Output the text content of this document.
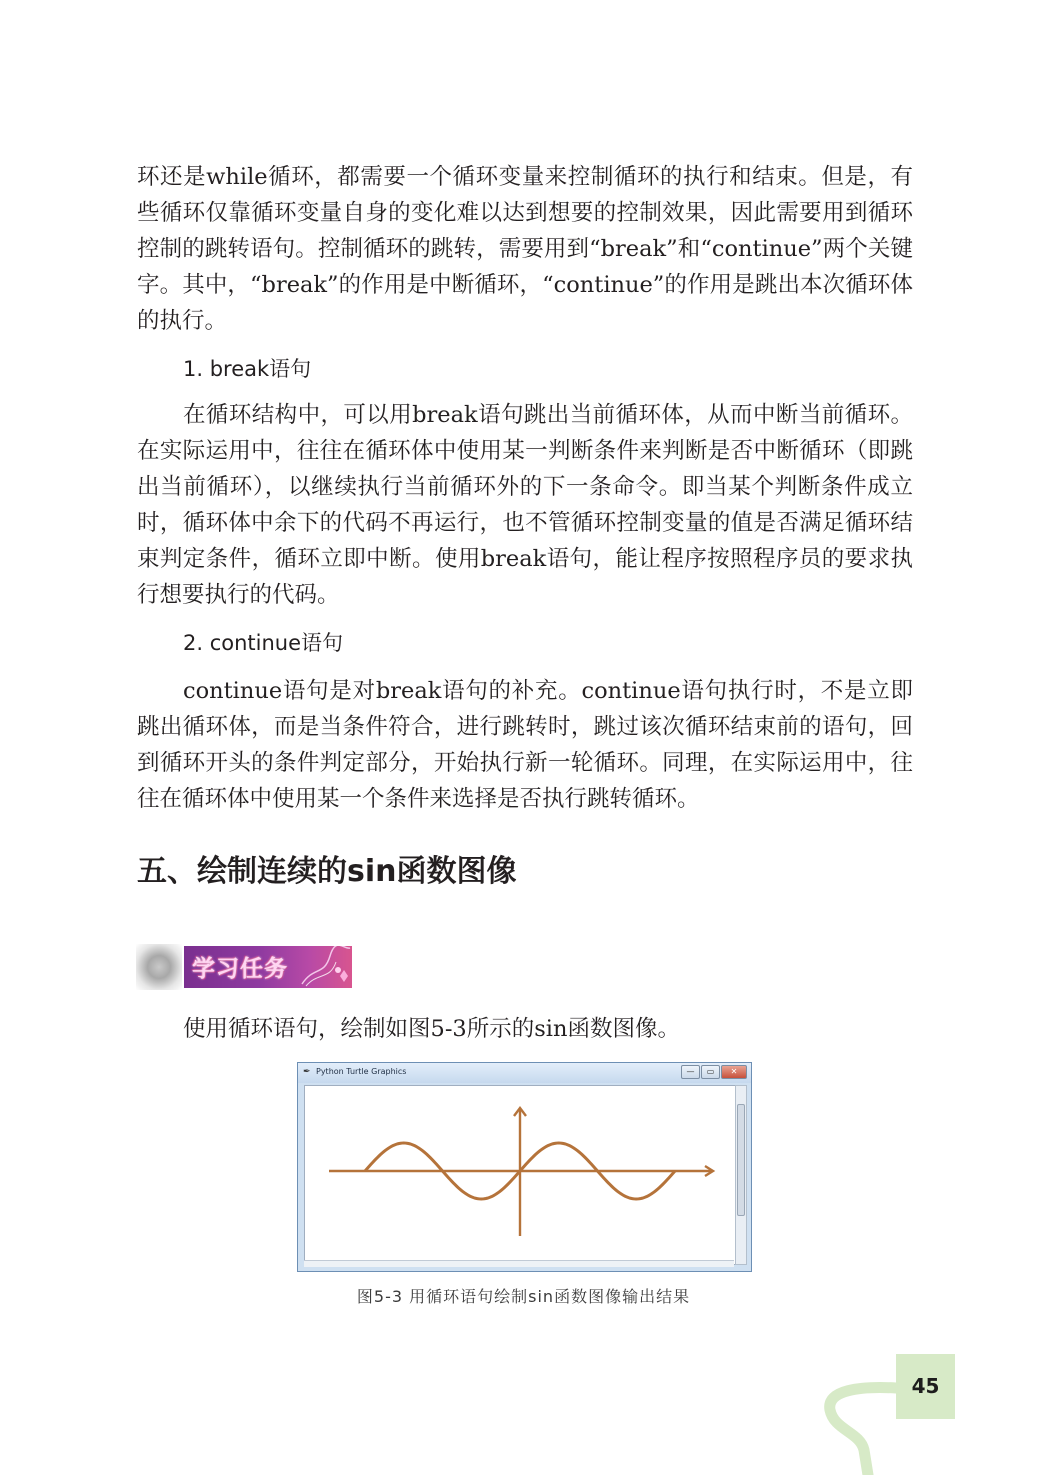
环还是while循环，都需要一个循环变量来控制循环的执行和结束。但是，有些循环仅靠循环变量自身的变化难以达到想要的控制效果，因此需要用到循环控制的跳转语句。控制循环的跳转，需要用到“break”和“continue”两个关键字。其中，“break”的作用是中断循环，“continue”的作用是跳出本次循环体的执行。

1. break语句

在循环结构中，可以用break语句跳出当前循环体，从而中断当前循环。在实际运用中，往往在循环体中使用某一判断条件来判断是否中断循环（即跳出当前循环），以继续执行当前循环外的下一条命令。即当某个判断条件成立时，循环体中余下的代码不再运行，也不管循环控制变量的值是否满足循环结束判定条件，循环立即中断。使用break语句，能让程序按照程序员的要求执行想要执行的代码。

2. continue语句

continue语句是对break语句的补充。continue语句执行时，不是立即跳出循环体，而是当条件符合，进行跳转时，跳过该次循环结束前的语句，回到循环开头的条件判定部分，开始执行新一轮循环。同理，在实际运用中，往往在循环体中使用某一个条件来选择是否执行跳转循环。

五、绘制连续的sin函数图像
学习任务

使用循环语句，绘制如图5-3所示的sin函数图像。

✒ Python Turtle Graphics	—	▭	✕
图5-3 用循环语句绘制sin函数图像输出结果
45
